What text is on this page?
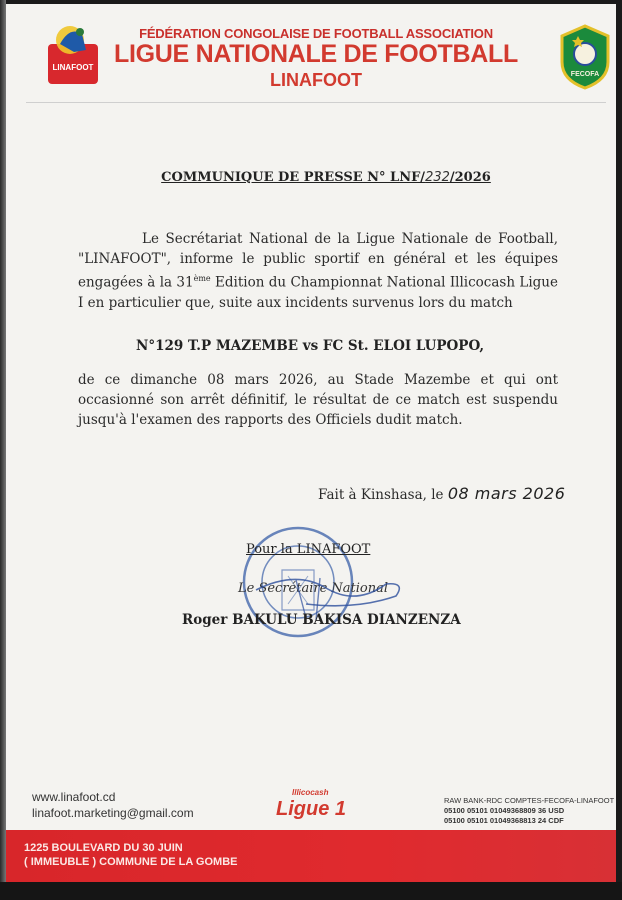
LINAFOOT
FÉDÉRATION CONGOLAISE DE FOOTBALL ASSOCIATION
LIGUE NATIONALE DE FOOTBALL
LINAFOOT	FECOFA
COMMUNIQUE DE PRESSE N° LNF/232/2026
Le Secrétariat National de la Ligue Nationale de Football, "LINAFOOT", informe le public sportif en général et les équipes engagées à la 31ème Edition du Championnat National Illicocash Ligue I en particulier que, suite aux incidents survenus lors du match
N°129 T.P MAZEMBE vs FC St. ELOI LUPOPO,
de ce dimanche 08 mars 2026, au Stade Mazembe et qui ont occasionné son arrêt définitif, le résultat de ce match est suspendu jusqu'à l'examen des rapports des Officiels dudit match.
Fait à Kinshasa, le 08 mars 2026
Pour la LINAFOOT
Le Secrétaire National
Roger BAKULU BAKISA DIANZENZA
www.linafoot.cd
linafoot.marketing@gmail.com
Illicocash
Ligue 1	RAW BANK-RDC COMPTES-FECOFA-LINAFOOT
05100 05101 01049368809 36 USD
05100 05101 01049368813 24 CDF
1225 BOULEVARD DU 30 JUIN
( IMMEUBLE ) COMMUNE DE LA GOMBE
